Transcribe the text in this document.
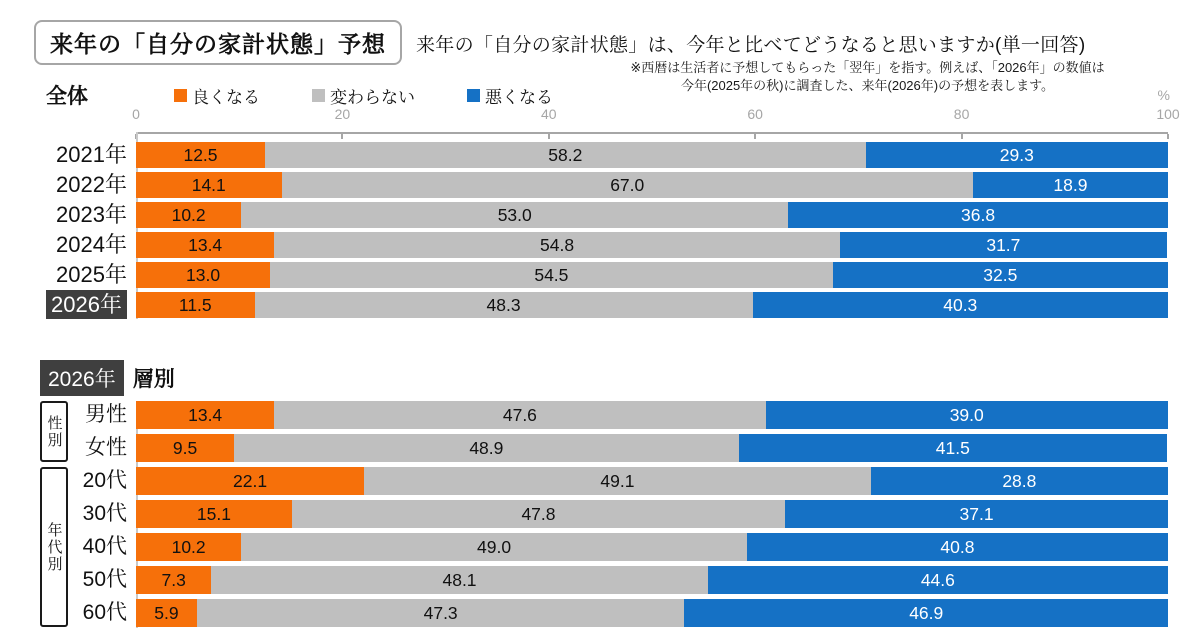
来年の「自分の家計状態」予想	来年の「自分の家計状態」は、今年と比べてどうなると思いますか(単一回答)
※西暦は生活者に予想してもらった「翌年」を指す。例えば、「2026年」の数値は
今年(2025年の秋)に調査した、来年(2026年)の予想を表します。
%
全体	良くなる	変わらない	悪くなる
0	20	40	60	80	100
2021年	12.5	58.2	29.3
2022年	14.1	67.0	18.9
2023年	10.2	53.0	36.8
2024年	13.4	54.8	31.7
2025年	13.0	54.5	32.5
2026年	11.5	48.3	40.3
2026年 層別
性別	男性	13.4	47.6	39.0
女性	9.5	48.9	41.5
年代別
20代	22.1	49.1	28.8
30代	15.1	47.8	37.1
40代	10.2	49.0	40.8
50代	7.3	48.1	44.6
60代	5.9	47.3	46.9
